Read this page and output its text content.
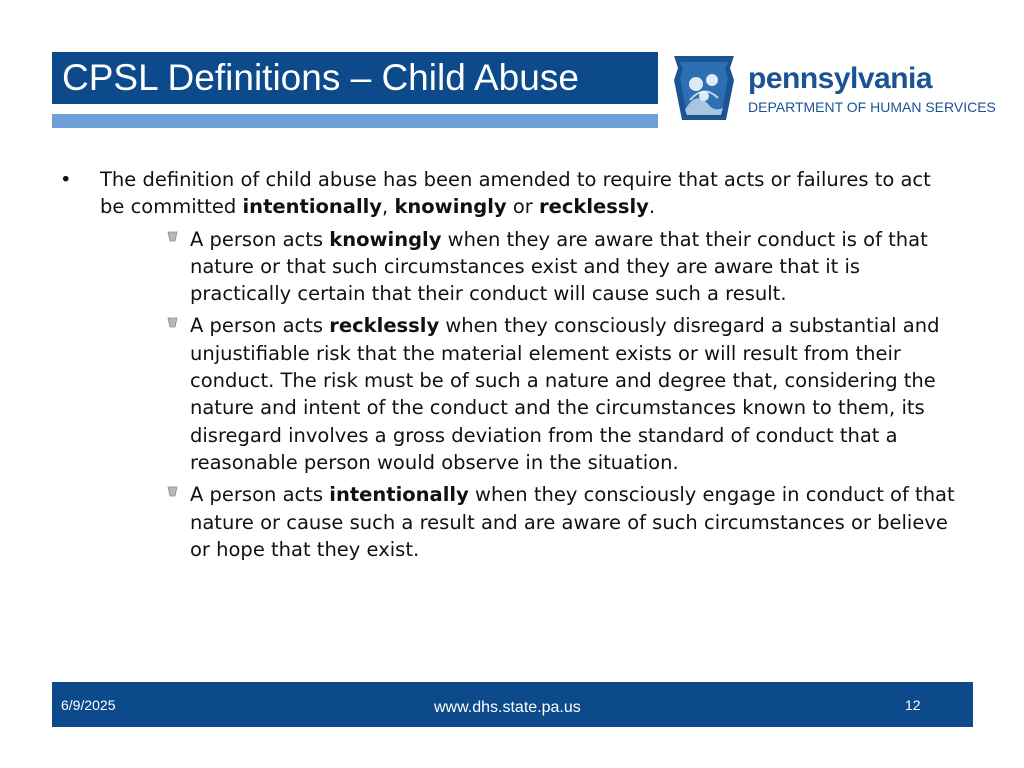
CPSL Definitions – Child Abuse	pennsylvania
DEPARTMENT OF HUMAN SERVICES
• The definition of child abuse has been amended to require that acts or failures to act be committed intentionally, knowingly or recklessly.
A person acts knowingly when they are aware that their conduct is of that nature or that such circumstances exist and they are aware that it is practically certain that their conduct will cause such a result.
A person acts recklessly when they consciously disregard a substantial and unjustifiable risk that the material element exists or will result from their conduct. The risk must be of such a nature and degree that, considering the nature and intent of the conduct and the circumstances known to them, its disregard involves a gross deviation from the standard of conduct that a reasonable person would observe in the situation.
A person acts intentionally when they consciously engage in conduct of that nature or cause such a result and are aware of such circumstances or believe or hope that they exist.
6/9/2025	www.dhs.state.pa.us	12
